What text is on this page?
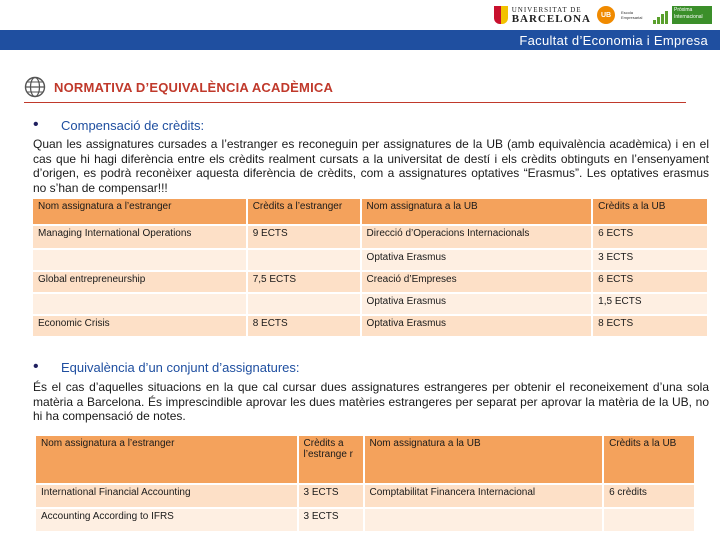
UNIVERSITAT DE
BARCELONA	UB	Escola Empresarial
Pròxima Internacional
Facultat d’Economia i Empresa
NORMATIVA D’EQUIVALÈNCIA ACADÈMICA
• Compensació de crèdits:
Quan les assignatures cursades a l’estranger es reconeguin per assignatures de la UB (amb equivalència acadèmica) i en el cas que hi hagi diferència entre els crèdits realment cursats a la universitat de destí i els crèdits obtinguts en l’ensenyament d’origen, es podrà reconèixer aquesta diferència de crèdits, com a assignatures optatives “Erasmus”. Les optatives erasmus no s’han de compensar!!!
Nom assignatura a l’estranger	Crèdits a l’estranger	Nom assignatura a la UB	Crèdits a la UB
Managing International Operations	9 ECTS	Direcció d’Operacions Internacionals	6 ECTS
		Optativa Erasmus	3 ECTS
Global entrepreneurship	7,5 ECTS	Creació d’Empreses	6 ECTS
		Optativa Erasmus	1,5 ECTS
Economic Crisis	8 ECTS	Optativa Erasmus	8 ECTS
• Equivalència d’un conjunt d’assignatures:
És el cas d’aquelles situacions en la que cal cursar dues assignatures estrangeres per obtenir el reconeixement d’una sola matèria a Barcelona. És imprescindible aprovar les dues matèries estrangeres per separat per aprovar la matèria de la UB, no hi ha compensació de notes.
Nom assignatura a l’estranger	Crèdits a l’estrange r	Nom assignatura a la UB	Crèdits a la UB
International Financial Accounting	3 ECTS	Comptabilitat Financera Internacional	6 crèdits
Accounting According to IFRS	3 ECTS		
